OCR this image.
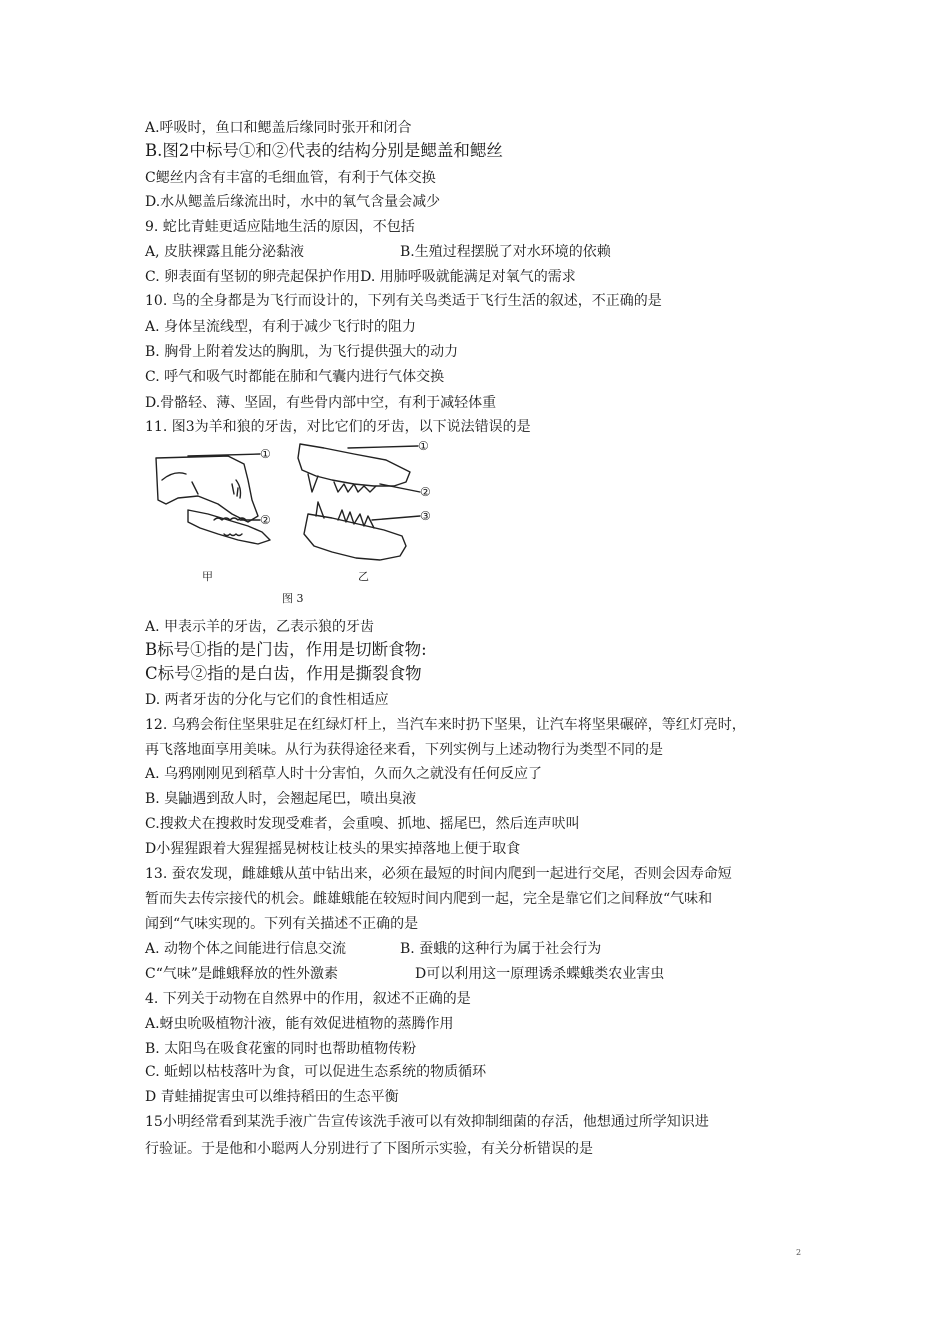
A.呼吸时，鱼口和鳃盖后缘同时张开和闭合
B.图2中标号①和②代表的结构分别是鳃盖和鳃丝
C鳃丝内含有丰富的毛细血管，有利于气体交换
D.水从鳃盖后缘流出时，水中的氧气含量会减少
9. 蛇比青蛙更适应陆地生活的原因，不包括
A, 皮肤裸露且能分泌黏液	B.生殖过程摆脱了对水环境的依赖
C. 卵表面有坚韧的卵壳起保护作用D. 用肺呼吸就能满足对氧气的需求
10. 鸟的全身都是为飞行而设计的，下列有关鸟类适于飞行生活的叙述，不正确的是
A. 身体呈流线型，有利于减少飞行时的阻力
B. 胸骨上附着发达的胸肌，为飞行提供强大的动力
C. 呼气和吸气时都能在肺和气囊内进行气体交换
D.骨骼轻、薄、坚固，有些骨内部中空，有利于减轻体重
11. 图3为羊和狼的牙齿，对比它们的牙齿，以下说法错误的是
①
②
①
②
③
甲	乙
图 3
A. 甲表示羊的牙齿，乙表示狼的牙齿
B标号①指的是门齿，作用是切断食物:
C标号②指的是白齿，作用是撕裂食物
D. 两者牙齿的分化与它们的食性相适应
12. 乌鸦会衔住坚果驻足在红绿灯杆上，当汽车来时扔下坚果，让汽车将坚果碾碎，等红灯亮时，
再飞落地面享用美味。从行为获得途径来看，下列实例与上述动物行为类型不同的是
A. 乌鸦刚刚见到稻草人时十分害怕，久而久之就没有任何反应了
B. 臭鼬遇到敌人时，会翘起尾巴，喷出臭液
C.搜救犬在搜救时发现受难者，会重嗅、抓地、摇尾巴，然后连声吠叫
D小猩猩跟着大猩猩摇晃树枝让枝头的果实掉落地上便于取食
13. 蚕农发现，雌雄蛾从茧中钻出来，必须在最短的时间内爬到一起进行交尾，否则会因寿命短
暂而失去传宗接代的机会。雌雄蛾能在较短时间内爬到一起，完全是靠它们之间释放“气味和
闻到“气味实现的。下列有关描述不正确的是
A. 动物个体之间能进行信息交流	B. 蚕蛾的这种行为属于社会行为
C“气味”是雌蛾释放的性外激素	D可以利用这一原理诱杀蝶蛾类农业害虫
4. 下列关于动物在自然界中的作用，叙述不正确的是
A.蚜虫吮吸植物汁液，能有效促进植物的蒸腾作用
B. 太阳鸟在吸食花蜜的同时也帮助植物传粉
C. 蚯蚓以枯枝落叶为食，可以促进生态系统的物质循环
D 青蛙捕捉害虫可以维持稻田的生态平衡
15小明经常看到某洗手液广告宣传该洗手液可以有效抑制细菌的存活，他想通过所学知识进
行验证。于是他和小聪两人分别进行了下图所示实验，有关分析错误的是
2
